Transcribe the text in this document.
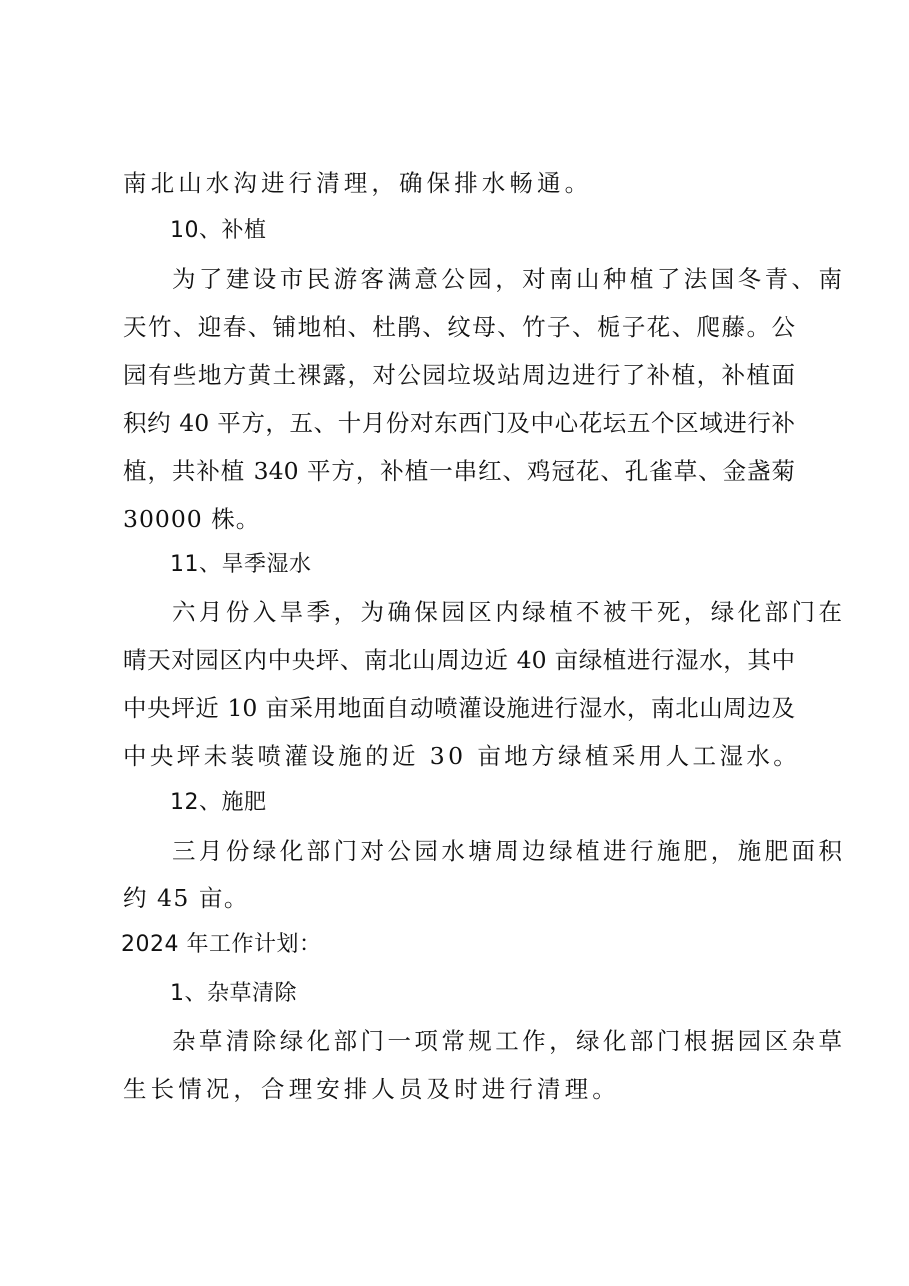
南北山水沟进行清理，确保排水畅通。
10、补植
为了建设市民游客满意公园，对南山种植了法国冬青、南
天竹、迎春、铺地柏、杜鹃、纹母、竹子、栀子花、爬藤。公
园有些地方黄土裸露，对公园垃圾站周边进行了补植，补植面
积约 40 平方，五、十月份对东西门及中心花坛五个区域进行补
植，共补植 340 平方，补植一串红、鸡冠花、孔雀草、金盏菊
30000 株。
11、旱季湿水
六月份入旱季，为确保园区内绿植不被干死，绿化部门在
晴天对园区内中央坪、南北山周边近 40 亩绿植进行湿水，其中
中央坪近 10 亩采用地面自动喷灌设施进行湿水，南北山周边及
中央坪未装喷灌设施的近 30 亩地方绿植采用人工湿水。
12、施肥
三月份绿化部门对公园水塘周边绿植进行施肥，施肥面积
约 45 亩。
2024 年工作计划：
1、杂草清除
杂草清除绿化部门一项常规工作，绿化部门根据园区杂草
生长情况，合理安排人员及时进行清理。
